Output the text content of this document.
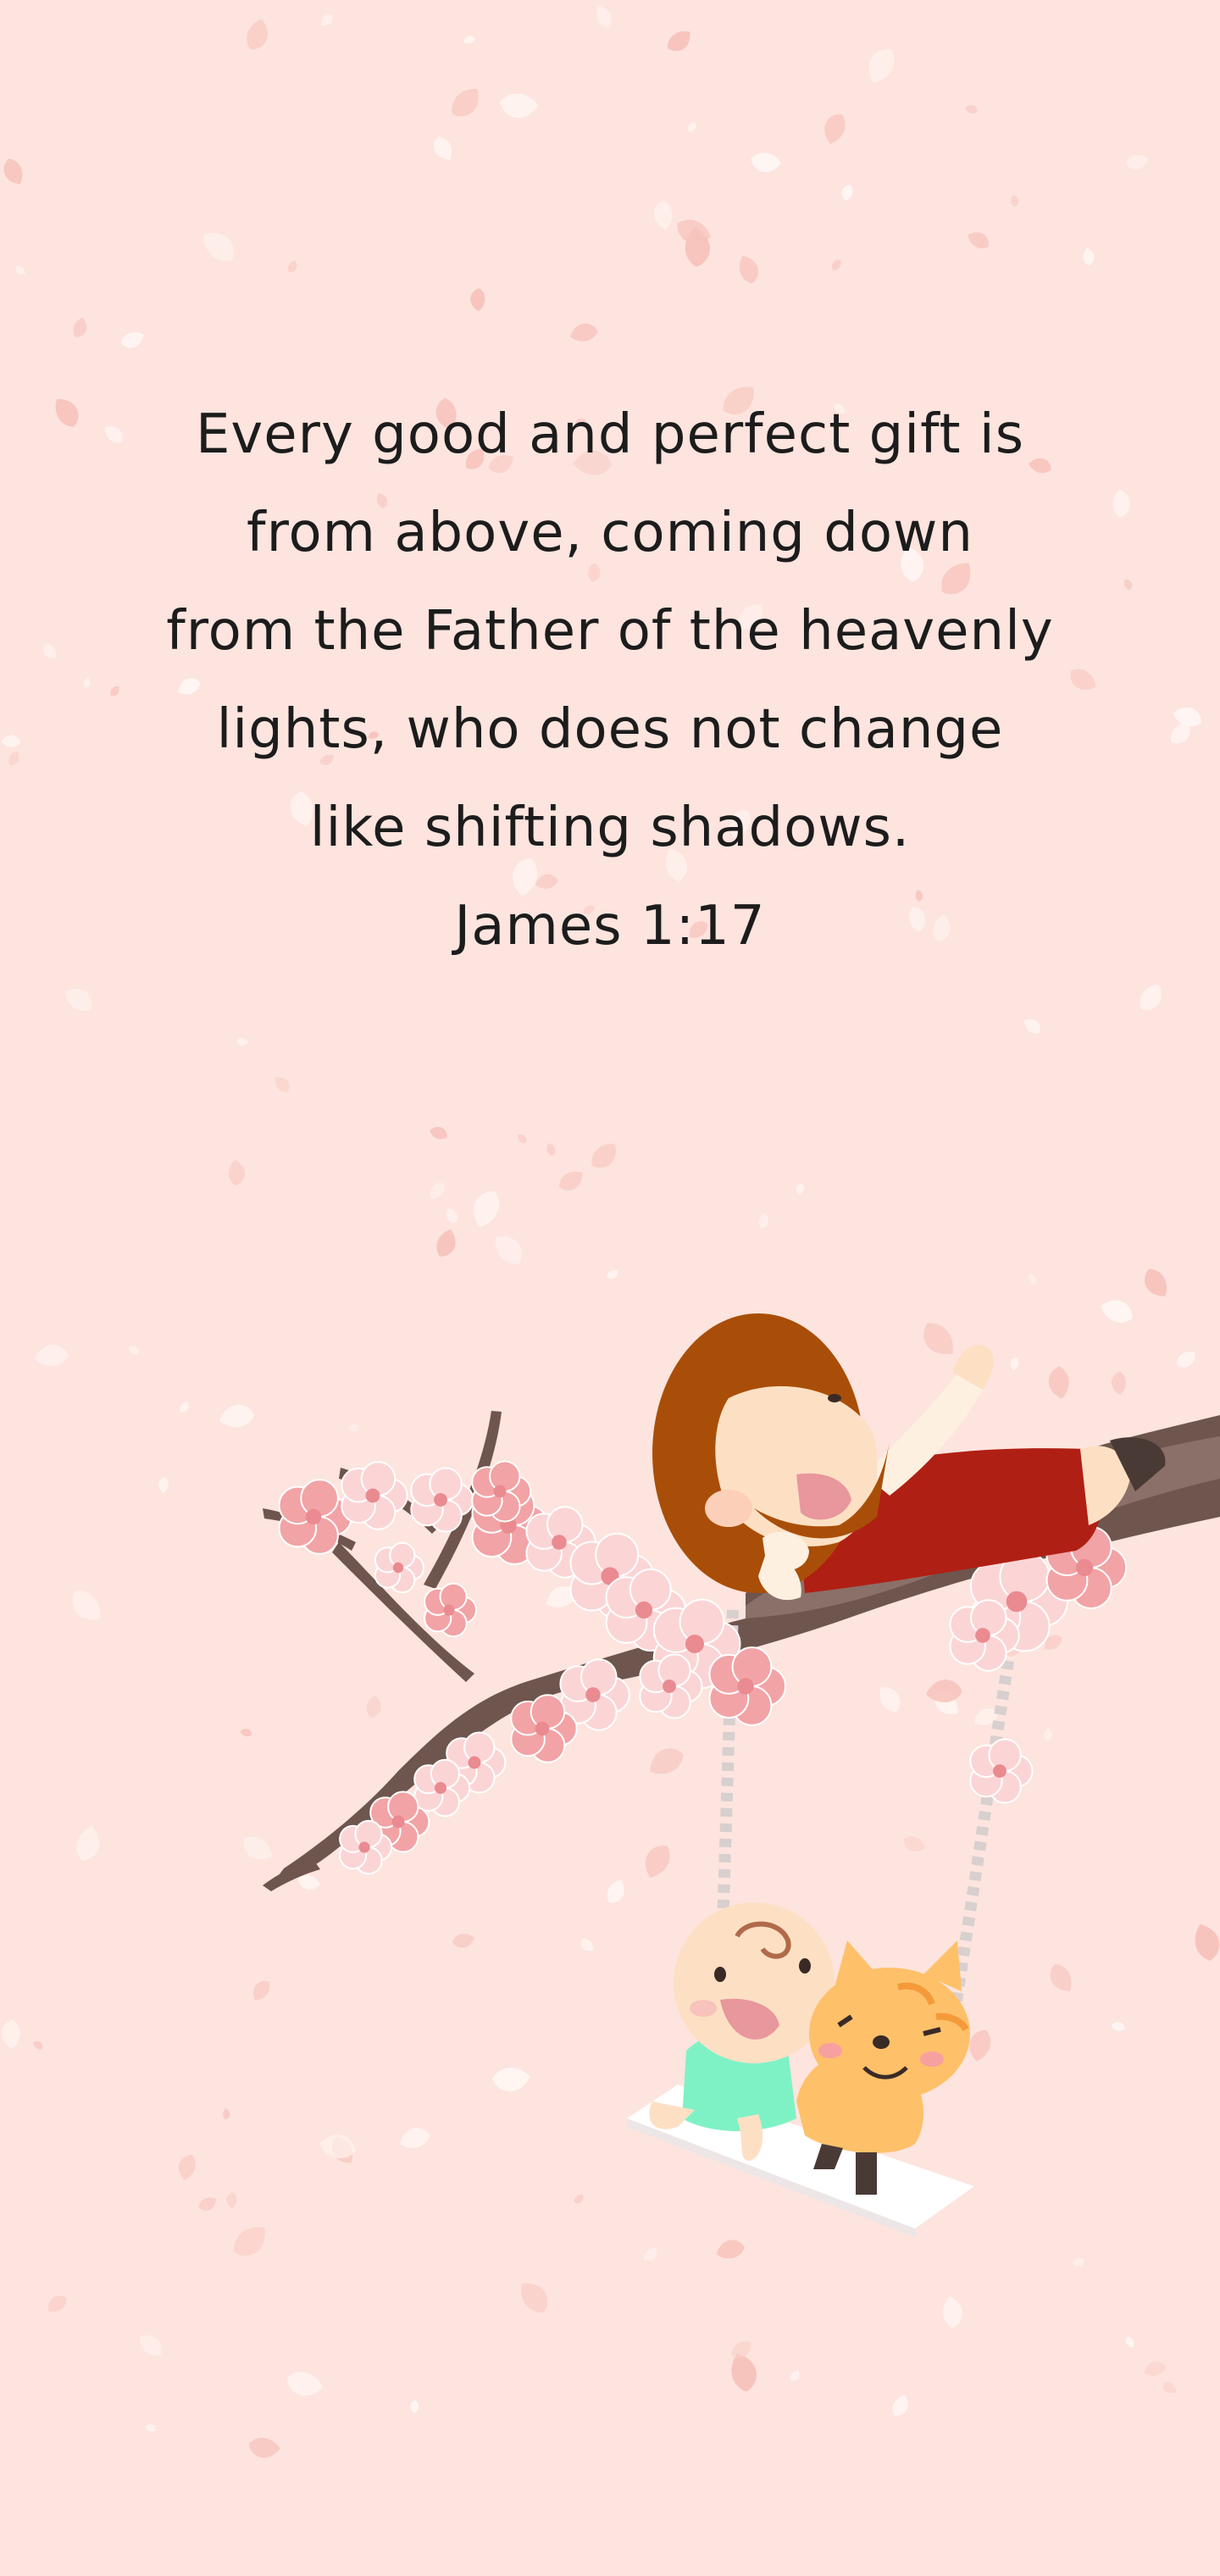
Every good and perfect gift is
from above, coming down
from the Father of the heavenly
lights, who does not change
like shifting shadows.
James 1:17
